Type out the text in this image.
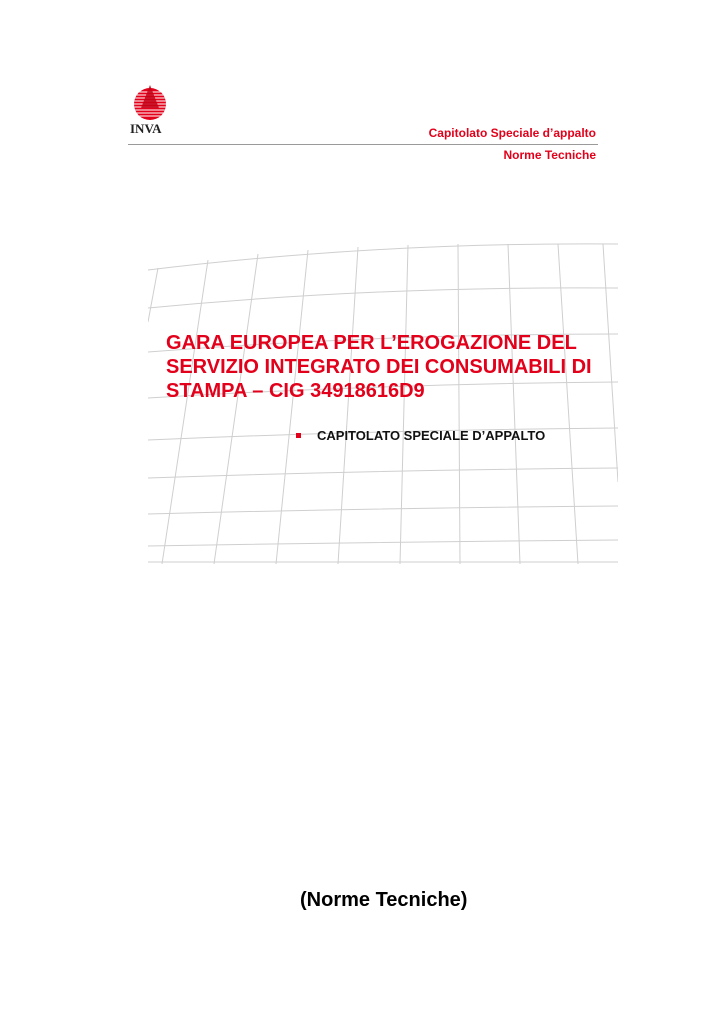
INVA	Capitolato Speciale d’appalto
Norme Tecniche
GARA EUROPEA PER L’EROGAZIONE DEL
SERVIZIO INTEGRATO DEI CONSUMABILI DI
STAMPA – CIG 34918616D9
CAPITOLATO SPECIALE D’APPALTO
(Norme Tecniche)
